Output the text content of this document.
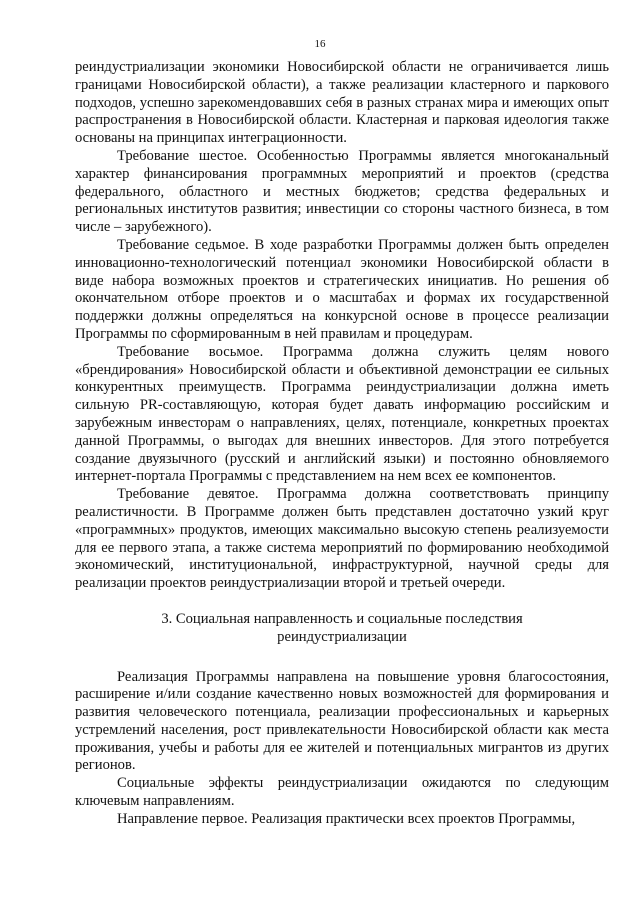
16

реиндустриализации экономики Новосибирской области не ограничивается лишь границами Новосибирской области), а также реализации кластерного и паркового подходов, успешно зарекомендовавших себя в разных странах мира и имеющих опыт распространения в Новосибирской области. Кластерная и парковая идеология также основаны на принципах интеграционности.

Требование шестое. Особенностью Программы является многоканальный характер финансирования программных мероприятий и проектов (средства федерального, областного и местных бюджетов; средства федеральных и региональных институтов развития; инвестиции со стороны частного бизнеса, в том числе – зарубежного).

Требование седьмое. В ходе разработки Программы должен быть определен инновационно-технологический потенциал экономики Новосибирской области в виде набора возможных проектов и стратегических инициатив. Но решения об окончательном отборе проектов и о масштабах и формах их государственной поддержки должны определяться на конкурсной основе в процессе реализации Программы по сформированным в ней правилам и процедурам.

Требование восьмое. Программа должна служить целям нового «брендирования» Новосибирской области и объективной демонстрации ее сильных конкурентных преимуществ. Программа реиндустриализации должна иметь сильную PR-составляющую, которая будет давать информацию российским и зарубежным инвесторам о направлениях, целях, потенциале, конкретных проектах данной Программы, о выгодах для внешних инвесторов. Для этого потребуется создание двуязычного (русский и английский языки) и постоянно обновляемого интернет-портала Программы с представлением на нем всех ее компонентов.

Требование девятое. Программа должна соответствовать принципу реалистичности. В Программе должен быть представлен достаточно узкий круг «программных» продуктов, имеющих максимально высокую степень реализуемости для ее первого этапа, а также система мероприятий по формированию необходимой экономический, институциональной, инфраструктурной, научной среды для реализации проектов реиндустриализации второй и третьей очереди.

3. Социальная направленность и социальные последствия
реиндустриализации

Реализация Программы направлена на повышение уровня благосостояния, расширение и/или создание качественно новых возможностей для формирования и развития человеческого потенциала, реализации профессиональных и карьерных устремлений населения, рост привлекательности Новосибирской области как места проживания, учебы и работы для ее жителей и потенциальных мигрантов из других регионов.

Социальные эффекты реиндустриализации ожидаются по следующим ключевым направлениям.

Направление первое. Реализация практически всех проектов Программы,
